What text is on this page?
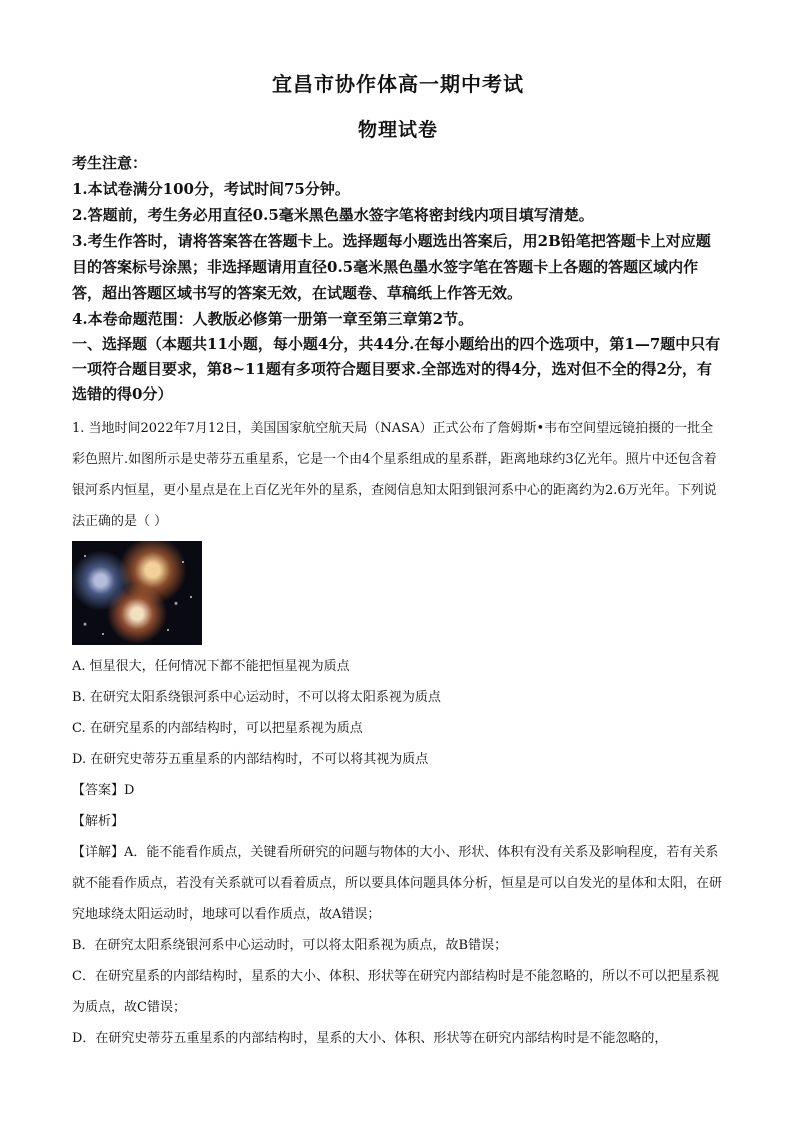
宜昌市协作体高一期中考试
物理试卷

考生注意：

1.本试卷满分100分，考试时间75分钟。

2.答题前，考生务必用直径0.5毫米黑色墨水签字笔将密封线内项目填写清楚。

3.考生作答时，请将答案答在答题卡上。选择题每小题选出答案后，用2B铅笔把答题卡上对应题目的答案标号涂黑；非选择题请用直径0.5毫米黑色墨水签字笔在答题卡上各题的答题区域内作答，超出答题区域书写的答案无效，在试题卷、草稿纸上作答无效。

4.本卷命题范围：人教版必修第一册第一章至第三章第2节。

一、选择题（本题共11小题，每小题4分，共44分.在每小题给出的四个选项中，第1—7题中只有一项符合题目要求，第8~11题有多项符合题目要求.全部选对的得4分，选对但不全的得2分，有选错的得0分）

1. 当地时间2022年7月12日，美国国家航空航天局（NASA）正式公布了詹姆斯•韦布空间望远镜拍摄的一批全彩色照片.如图所示是史蒂芬五重星系，它是一个由4个星系组成的星系群，距离地球约3亿光年。照片中还包含着银河系内恒星，更小星点是在上百亿光年外的星系，查阅信息知太阳到银河系中心的距离约为2.6万光年。下列说法正确的是（ ）

A. 恒星很大，任何情况下都不能把恒星视为质点

B. 在研究太阳系绕银河系中心运动时，不可以将太阳系视为质点

C. 在研究星系的内部结构时，可以把星系视为质点

D. 在研究史蒂芬五重星系的内部结构时，不可以将其视为质点

【答案】D

【解析】

【详解】A．能不能看作质点，关键看所研究的问题与物体的大小、形状、体积有没有关系及影响程度，若有关系就不能看作质点，若没有关系就可以看着质点，所以要具体问题具体分析，恒星是可以自发光的星体和太阳，在研究地球绕太阳运动时，地球可以看作质点，故A错误；

B．在研究太阳系绕银河系中心运动时，可以将太阳系视为质点，故B错误；

C．在研究星系的内部结构时，星系的大小、体积、形状等在研究内部结构时是不能忽略的，所以不可以把星系视为质点，故C错误；

D．在研究史蒂芬五重星系的内部结构时，星系的大小、体积、形状等在研究内部结构时是不能忽略的，
